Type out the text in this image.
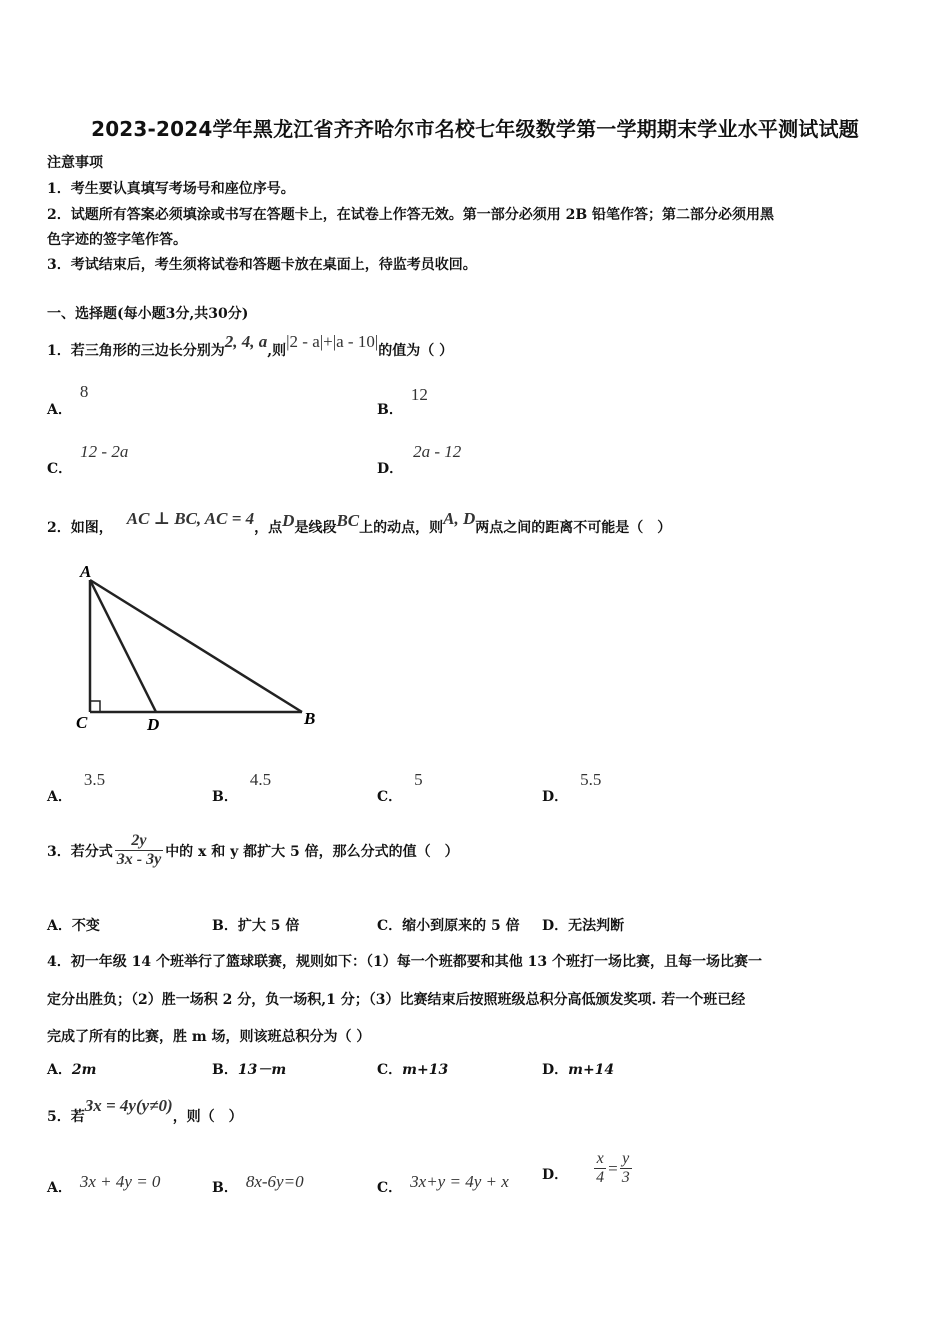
2023-2024学年黑龙江省齐齐哈尔市名校七年级数学第一学期期末学业水平测试试题
注意事项
1．考生要认真填写考场号和座位序号。
2．试题所有答案必须填涂或书写在答题卡上，在试卷上作答无效。第一部分必须用 2B 铅笔作答；第二部分必须用黑
色字迹的签字笔作答。
3．考试结束后，考生须将试卷和答题卡放在桌面上，待监考员收回。
一、选择题(每小题3分,共30分)
1．若三角形的三边长分别为2, 4, a,则|2 - a|+|a - 10|的值为（ ）
A．8
B．12
C．12 - 2a
D．2a - 12
2．如图， AC ⊥ BC, AC = 4，点D是线段BC上的动点，则A, D两点之间的距离不可能是（　）
A
C	D	B
A．3.5
B．4.5
C．5
D．5.5
3．若分式 $\frac{2y}{3x - 3y}$ 中的 x 和 y 都扩大 5 倍，那么分式的值（　）
A．不变	B．扩大 5 倍	C．缩小到原来的 5 倍 D．无法判断
4．初一年级 14 个班举行了篮球联赛，规则如下：（1）每一个班都要和其他 13 个班打一场比赛，且每一场比赛一
定分出胜负；（2）胜一场积 2 分，负一场积,1 分；（3）比赛结束后按照班级总积分高低颁发奖项. 若一个班已经
完成了所有的比赛，胜 m 场，则该班总积分为（ ）
A．2m	B．13－m	C．m+13	D．m+14
5．若3x = 4y(y≠0)，则（　）
A． 3x + 4y = 0	B． 8x-6y=0	C． 3x+y = 4y + x D． $\frac{x}{4} = \frac{y}{3}$
